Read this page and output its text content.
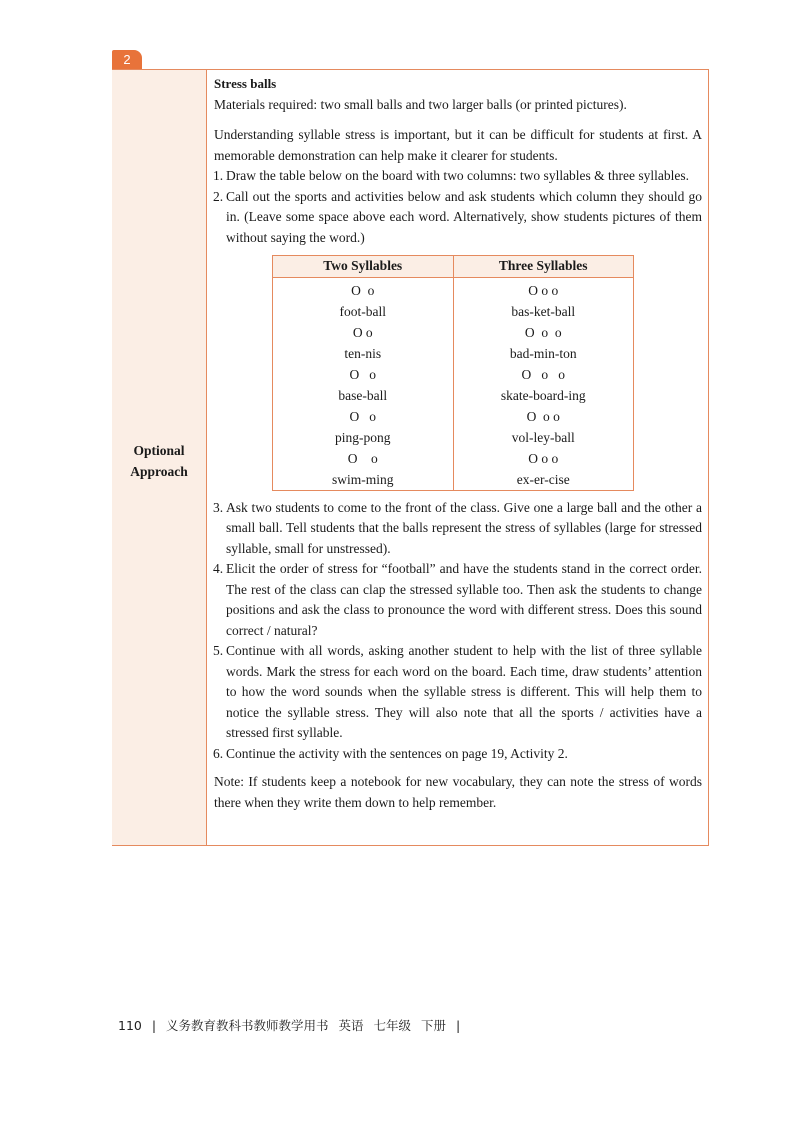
2
Optional
Approach

Stress balls

Materials required: two small balls and two larger balls (or printed pictures).

Understanding syllable stress is important, but it can be difficult for students at first. A memorable demonstration can help make it clearer for students.

1. Draw the table below on the board with two columns: two syllables & three syllables.
2. Call out the sports and activities below and ask students which column they should go in. (Leave some space above each word. Alternatively, show students pictures of them without saying the word.)
Two Syllables	Three Syllables
O  o	O o o
foot-ball	bas-ket-ball
O o	O  o  o
ten-nis	bad-min-ton
O   o	O   o   o
base-ball	skate-board-ing
O   o	O  o o
ping-pong	vol-ley-ball
O    o	O o o
swim-ming	ex-er-cise
3. Ask two students to come to the front of the class. Give one a large ball and the other a small ball. Tell students that the balls represent the stress of syllables (large for stressed syllable, small for unstressed).
4. Elicit the order of stress for “football” and have the students stand in the correct order. The rest of the class can clap the stressed syllable too. Then ask the students to change positions and ask the class to pronounce the word with different stress. Does this sound correct / natural?
5. Continue with all words, asking another student to help with the list of three syllable words. Mark the stress for each word on the board. Each time, draw students’ attention to how the word sounds when the syllable stress is different. This will help them to notice the syllable stress. They will also note that all the sports / activities have a stressed first syllable.
6. Continue the activity with the sentences on page 19, Activity 2.

Note: If students keep a notebook for new vocabulary, they can note the stress of words there when they write them down to help remember.

110 | 义务教育教科书教师教学用书 英语 七年级 下册 |
